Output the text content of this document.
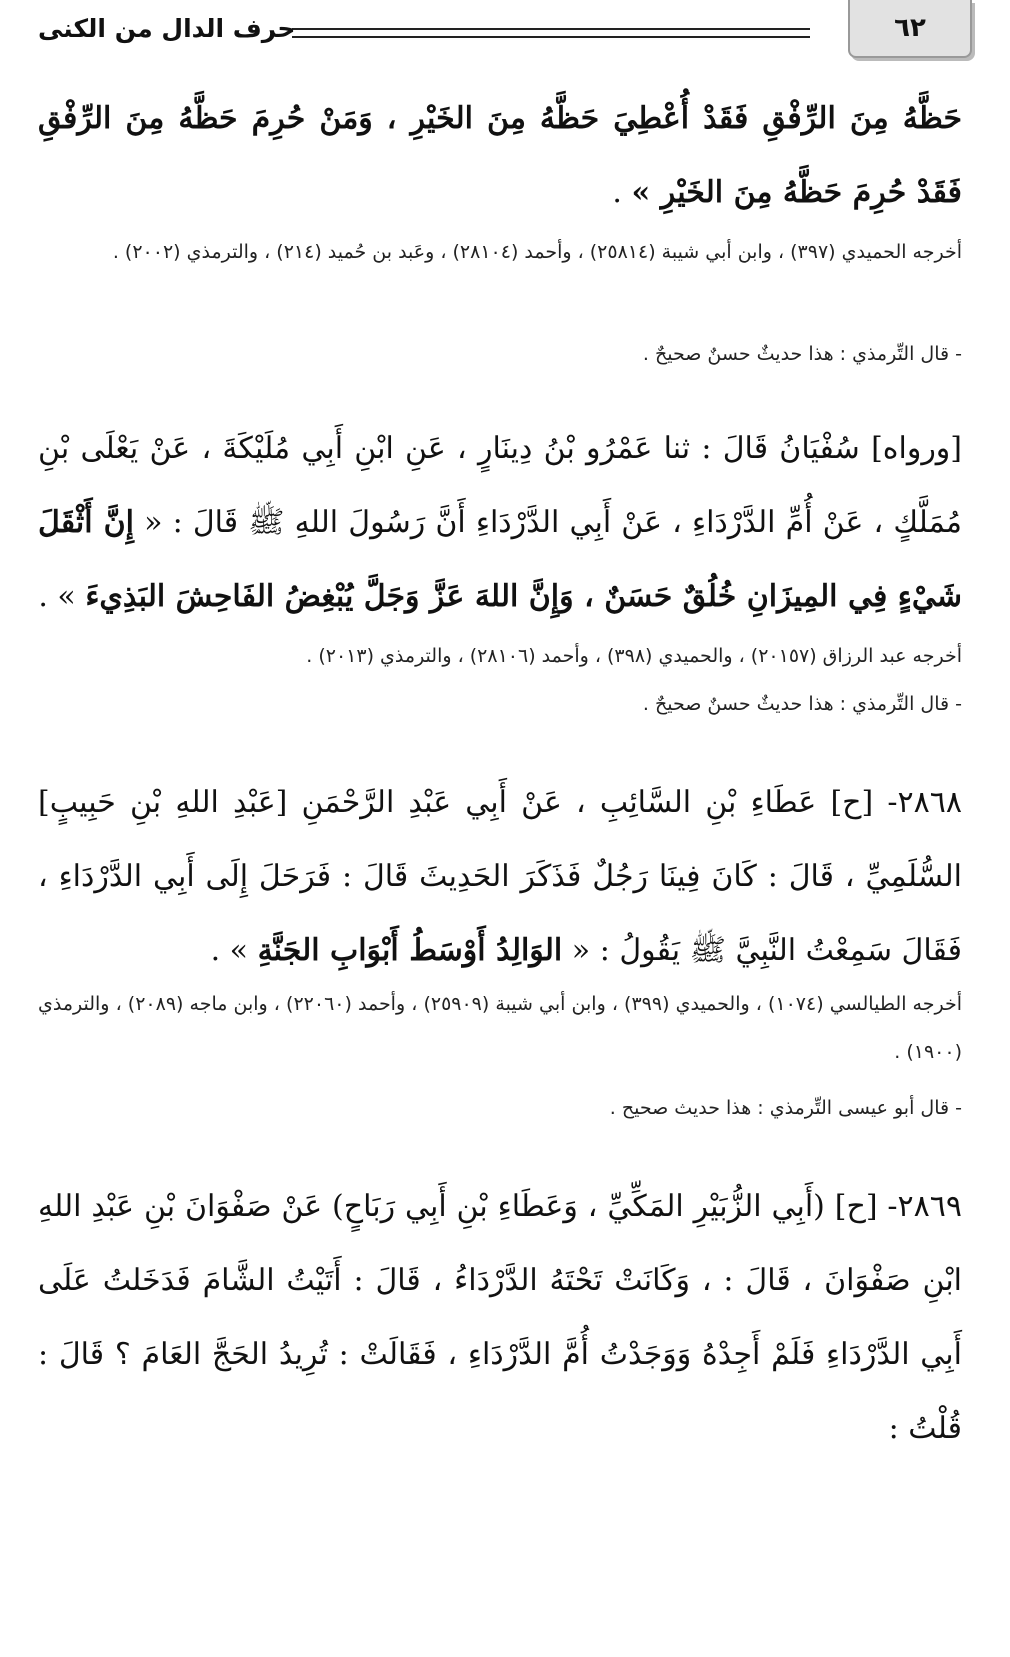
٦٢
حرف الدال من الكنى
حَظَّهُ مِنَ الرِّفْقِ فَقَدْ أُعْطِيَ حَظَّهُ مِنَ الخَيْرِ ، وَمَنْ حُرِمَ حَظَّهُ مِنَ الرِّفْقِ فَقَدْ حُرِمَ حَظَّهُ مِنَ الخَيْرِ » .
أخرجه الحميدي (٣٩٧) ، وابن أبي شيبة (٢٥٨١٤) ، وأحمد (٢٨١٠٤) ، وعَبد بن حُميد (٢١٤) ، والترمذي (٢٠٠٢) .
- قال التِّرمذي : هذا حديثٌ حسنٌ صحيحٌ .
[ورواه] سُفْيَانُ قَالَ : ثنا عَمْرُو بْنُ دِينَارٍ ، عَنِ ابْنِ أَبِي مُلَيْكَةَ ، عَنْ يَعْلَى بْنِ مُمَلَّكٍ ، عَنْ أُمِّ الدَّرْدَاءِ ، عَنْ أَبِي الدَّرْدَاءِ أَنَّ رَسُولَ اللهِ ﷺ قَالَ : « إِنَّ أَثْقَلَ شَيْءٍ فِي المِيزَانِ خُلُقٌ حَسَنٌ ، وَإِنَّ اللهَ عَزَّ وَجَلَّ يُبْغِضُ الفَاحِشَ البَذِيءَ » .
أخرجه عبد الرزاق (٢٠١٥٧) ، والحميدي (٣٩٨) ، وأحمد (٢٨١٠٦) ، والترمذي (٢٠١٣) .
- قال التِّرمذي : هذا حديثٌ حسنٌ صحيحٌ .
٢٨٦٨- [ح] عَطَاءِ بْنِ السَّائِبِ ، عَنْ أَبِي عَبْدِ الرَّحْمَنِ [عَبْدِ اللهِ بْنِ حَبِيبٍ] السُّلَمِيِّ ، قَالَ : كَانَ فِينَا رَجُلٌ فَذَكَرَ الحَدِيثَ قَالَ : فَرَحَلَ إِلَى أَبِي الدَّرْدَاءِ ، فَقَالَ سَمِعْتُ النَّبِيَّ ﷺ يَقُولُ : « الوَالِدُ أَوْسَطُ أَبْوَابِ الجَنَّةِ » .
أخرجه الطيالسي (١٠٧٤) ، والحميدي (٣٩٩) ، وابن أبي شيبة (٢٥٩٠٩) ، وأحمد (٢٢٠٦٠) ، وابن ماجه (٢٠٨٩) ، والترمذي (١٩٠٠) .
- قال أبو عيسى التِّرمذي : هذا حديث صحيح .
٢٨٦٩- [ح] (أَبِي الزُّبَيْرِ المَكِّيِّ ، وَعَطَاءِ بْنِ أَبِي رَبَاحٍ) عَنْ صَفْوَانَ بْنِ عَبْدِ اللهِ ابْنِ صَفْوَانَ ، قَالَ : ، وَكَانَتْ تَحْتَهُ الدَّرْدَاءُ ، قَالَ : أَتَيْتُ الشَّامَ فَدَخَلتُ عَلَى أَبِي الدَّرْدَاءِ فَلَمْ أَجِدْهُ وَوَجَدْتُ أُمَّ الدَّرْدَاءِ ، فَقَالَتْ : تُرِيدُ الحَجَّ العَامَ ؟ قَالَ : قُلْتُ :
